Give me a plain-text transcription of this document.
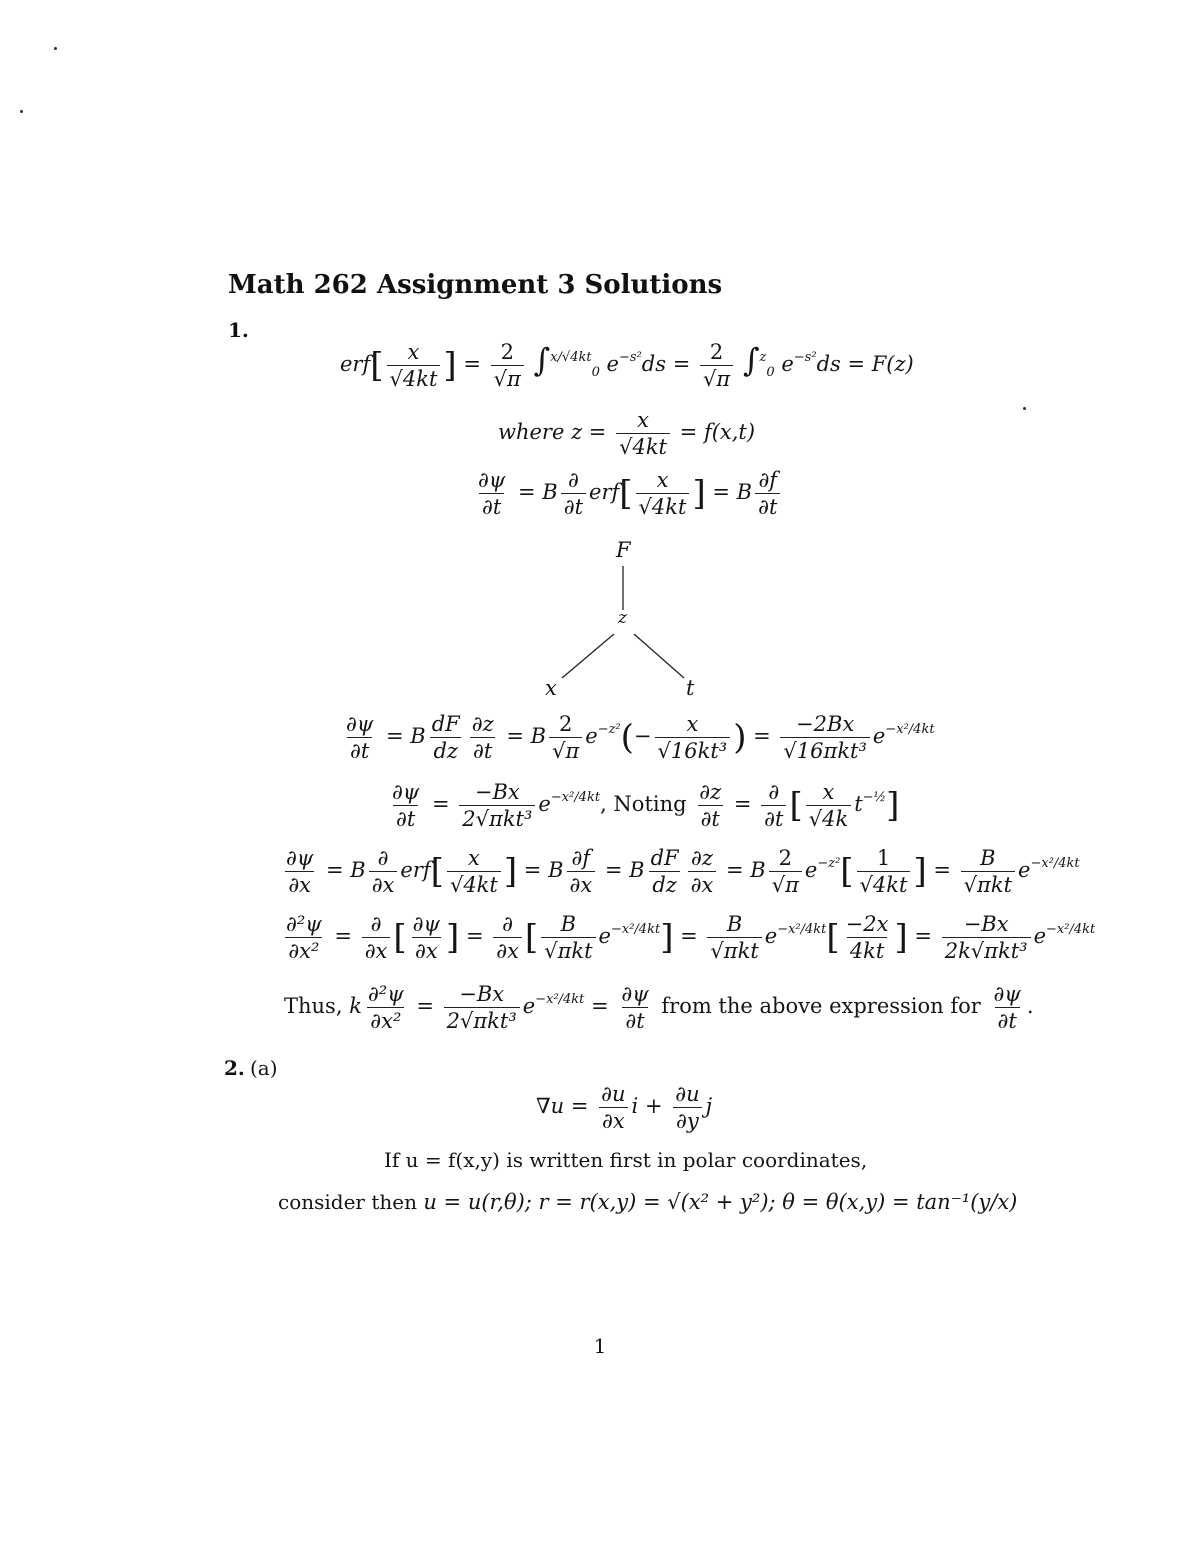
Math 262 Assignment 3 Solutions
1.
$erf[ \frac{x}{√4kt}$ ] = $\frac{2}{√\pi} \int^{x/√4kt}_0$ $e^{-s^2}ds = \frac{2}{√\pi} \int^z_0$ $e^{-s^2}ds = F(z)$
where $z = \frac{x}{√4kt} = f(x,t)$
$\frac{\partial\psi}{\partial t} = B \frac{\partial}{\partial t} erf[ \frac{x}{√4kt}$ ] = B $\frac{\partial f}{\partial t}$
F
z
x	t
$\frac{\partial\psi}{\partial t} = B \frac{dF}{dz} \frac{\partial z}{\partial t} = B \frac{2}{√\pi} e^{-z^2}(- \frac{x}{\text{√16kt³}}$ ) = $\frac{-2Bx}{\text{√16πkt³}} e^{-x^2/4kt}$
$\frac{\partial\psi}{\partial t} = \frac{-Bx}{\text{2√πkt³}} e^{-x^2/4kt}$, Noting $\frac{\partial z}{\partial t} = \frac{\partial}{\partial t}$ [ $\frac{x}{√4k} t^{-\frac{1}{2}}$]
$\frac{\partial\psi}{\partial x} = B \frac{\partial}{\partial x} erf[ \frac{x}{√4kt}$ ] = B $\frac{\partial f}{\partial x} = B \frac{dF}{dz} \frac{\partial z}{\partial x} = B \frac{2}{√\pi} e^{-z^2}[ \frac{1}{√4kt}$ ] = $\frac{B}{\text{√πkt}} e^{-x^2/4kt}$
$\frac{\text{∂²ψ}}{\text{∂x²}} = \frac{\partial}{\partial x}$ [ $\frac{\partial\psi}{\partial x}$ ] = $\frac{\partial}{\partial x}$ [ $\frac{B}{\text{√πkt}} e^{-x^2/4kt}] = \frac{B}{\text{√πkt}} e^{-x^2/4kt}[ \frac{-2x}{4kt}$ ] = $\frac{-Bx}{\text{2k√πkt³}} e^{-x^2/4kt}$
Thus, k $\frac{\text{∂²ψ}}{\text{∂x²}} = \frac{-Bx}{\text{2√πkt³}} e^{-x^2/4kt} = \frac{\partial\psi}{\partial t}$ from the above expression for $\frac{\partial\psi}{\partial t}$ .
2. (a)
$\nabla u = \frac{\partial u}{\partial x}$ $i + \frac{\partial u}{\partial y}$ j
If u = f(x,y) is written first in polar coordinates,
consider then u = u(r,θ); r = r(x,y) = √(x² + y²); θ = θ(x,y) = tan⁻¹(y/x)
1
